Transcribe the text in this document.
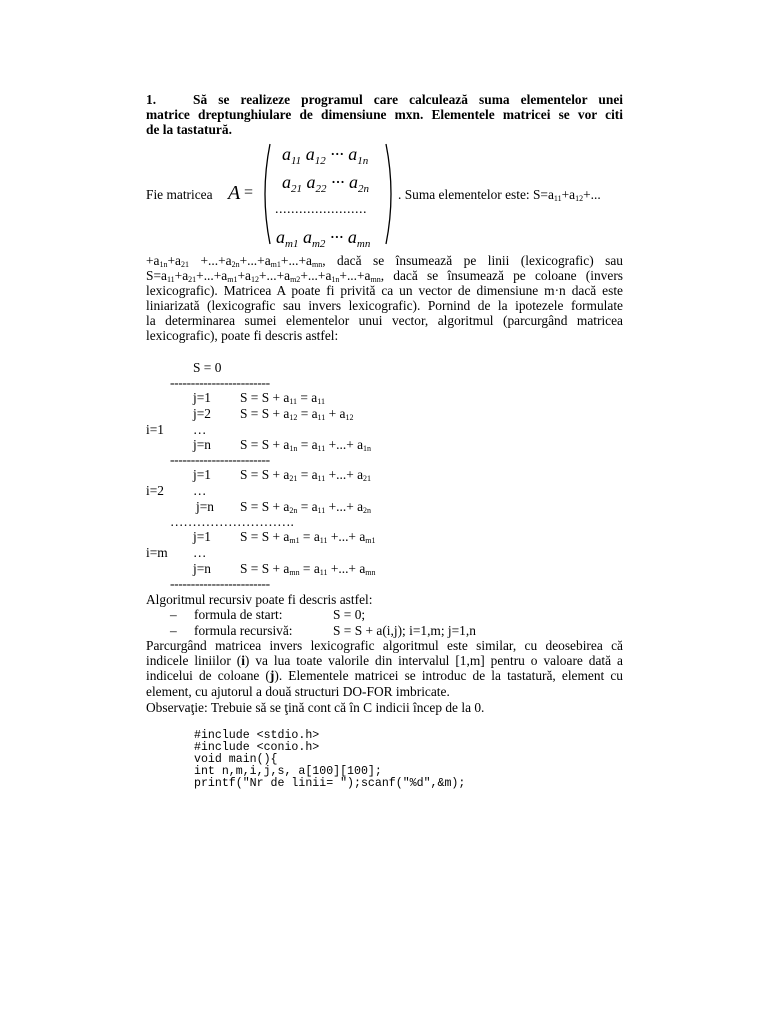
1.	Să se realizeze programul care calculează suma elementelor unei
matrice dreptunghiulare de dimensiune mxn. Elementele matricei se vor citi
de la tastatură.
Fie matricea A =
$a_{11}$ $a_{12}$ ··· $a_{1n}$
$a_{21}$ $a_{22}$ ··· $a_{2n}$
.......................
$a_{m1}$ $a_{m2}$ ··· $a_{mn}$
. Suma elementelor este: $S=a_{11}+a_{12}+$...
$+a_{1n}+a_{21} +...+a_{2n}+...+a_{m1}+...+a_{mn}$, dacă se însumează pe linii (lexicografic) sau
$S=a_{11}+a_{21}+...+a_{m1}+a_{12}+...+a_{m2}+...+a_{1n}+...+a_{mn}$, dacă se însumează pe coloane (invers
lexicografic). Matricea A poate fi privită ca un vector de dimensiune m·n dacă este
liniarizată (lexicografic sau invers lexicografic). Pornind de la ipotezele formulate
la determinarea sumei elementelor unui vector, algoritmul (parcurgând matricea
lexicografic), poate fi descris astfel:
S = 0
------------------------
j=1 $S = S + a_{11} = a_{11}$
j=2 $S = S + a_{12} = a_{11} + a_{12}$
i=1 …
j=n $S = S + a_{1n} = a_{11}$ +...+ $a_{1n}$
------------------------
j=1 $S = S + a_{21} = a_{11}$ +...+ $a_{21}$
i=2 …
j=n $S = S + a_{2n} = a_{11}$ +...+ $a_{2n}$
……………………….
j=1 $S = S + a_{m1} = a_{11}$ +...+ $a_{m1}$
i=m …
j=n $S = S + a_{mn} = a_{11}$ +...+ $a_{mn}$
------------------------
Algoritmul recursiv poate fi descris astfel:
– formula de start:	S = 0;
– formula recursivă:	S = S + a(i,j); i=1,m; j=1,n
Parcurgând matricea invers lexicografic algoritmul este similar, cu deosebirea că
indicele liniilor (i) va lua toate valorile din intervalul [1,m] pentru o valoare dată a
indicelui de coloane (j). Elementele matricei se introduc de la tastatură, element cu
element, cu ajutorul a două structuri DO-FOR imbricate.
Observaţie: Trebuie să se ţină cont că în C indicii încep de la 0.
#include <stdio.h>
#include <conio.h>
void main(){
int n,m,i,j,s, a[100][100];
printf("Nr de linii= ");scanf("%d",&m);
